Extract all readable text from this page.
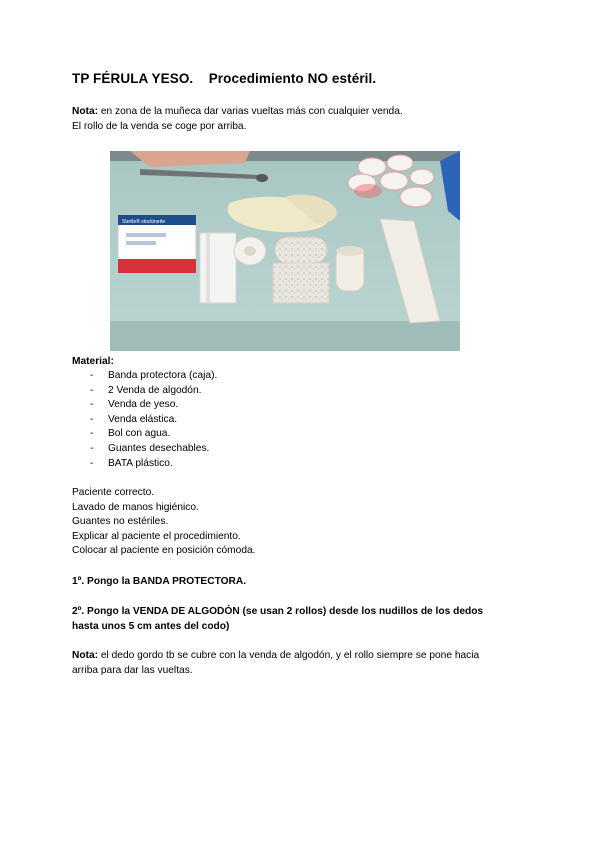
TP FÉRULA YESO. Procedimiento NO estéril.
Nota: en zona de la muñeca dar varias vueltas más con cualquier venda.
El rollo de la venda se coge por arriba.
Sterile® stockinette
Material:
- Banda protectora (caja).
- 2 Venda de algodón.
- Venda de yeso.
- Venda elástica.
- Bol con agua.
- Guantes desechables.
- BATA plástico.
Paciente correcto.
Lavado de manos higiénico.
Guantes no estériles.
Explicar al paciente el procedimiento.
Colocar al paciente en posición cómoda.
1º. Pongo la BANDA PROTECTORA.
2º. Pongo la VENDA DE ALGODÓN (se usan 2 rollos) desde los nudillos de los dedos
hasta unos 5 cm antes del codo)
Nota: el dedo gordo tb se cubre con la venda de algodón, y el rollo siempre se pone hacia
arriba para dar las vueltas.
